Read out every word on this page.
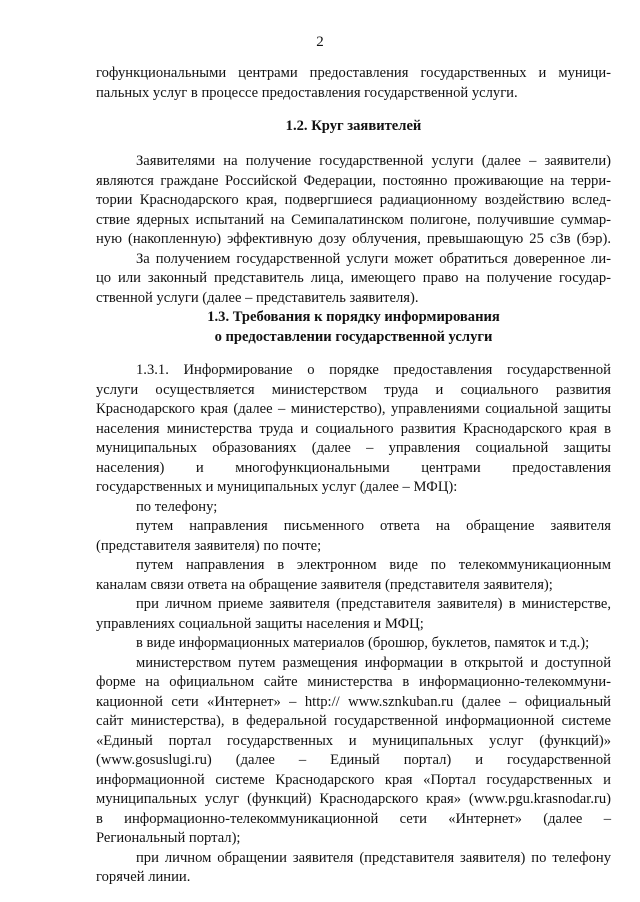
2
гофункциональными центрами предоставления государственных и муници-
пальных услуг в процессе предоставления государственной услуги.

1.2. Круг заявителей

Заявителями на получение государственной услуги (далее – заявители)
являются граждане Российской Федерации, постоянно проживающие на терри-
тории Краснодарского края, подвергшиеся радиационному воздействию вслед-
ствие ядерных испытаний на Семипалатинском полигоне, получившие суммар-
ную (накопленную) эффективную дозу облучения, превышающую 25 сЗв (бэр).
За получением государственной услуги может обратиться доверенное ли-
цо или законный представитель лица, имеющего право на получение государ-
ственной услуги (далее – представитель заявителя).

1.3. Требования к порядку информирования

о предоставлении государственной услуги

1.3.1. Информирование о порядке предоставления государственной
услуги осуществляется министерством труда и социального развития
Краснодарского края (далее – министерство), управлениями социальной защиты
населения министерства труда и социального развития Краснодарского края в
муниципальных образованиях (далее – управления социальной защиты
населения) и многофункциональными центрами предоставления
государственных и муниципальных услуг (далее – МФЦ):
по телефону;
путем направления письменного ответа на обращение заявителя
(представителя заявителя) по почте;
путем направления в электронном виде по телекоммуникационным
каналам связи ответа на обращение заявителя (представителя заявителя);
при личном приеме заявителя (представителя заявителя) в министерстве,
управлениях социальной защиты населения и МФЦ;
в виде информационных материалов (брошюр, буклетов, памяток и т.д.);
министерством путем размещения информации в открытой и доступной
форме на официальном сайте министерства в информационно-телекоммуни-
кационной сети «Интернет» – http:// www.sznkuban.ru (далее – официальный
сайт министерства), в федеральной государственной информационной системе
«Единый портал государственных и муниципальных услуг (функций)»
(www.gosuslugi.ru) (далее – Единый портал) и государственной
информационной системе Краснодарского края «Портал государственных и
муниципальных услуг (функций) Краснодарского края» (www.pgu.krasnodar.ru)
в информационно-телекоммуникационной сети «Интернет» (далее –
Региональный портал);
при личном обращении заявителя (представителя заявителя) по телефону
горячей линии.
